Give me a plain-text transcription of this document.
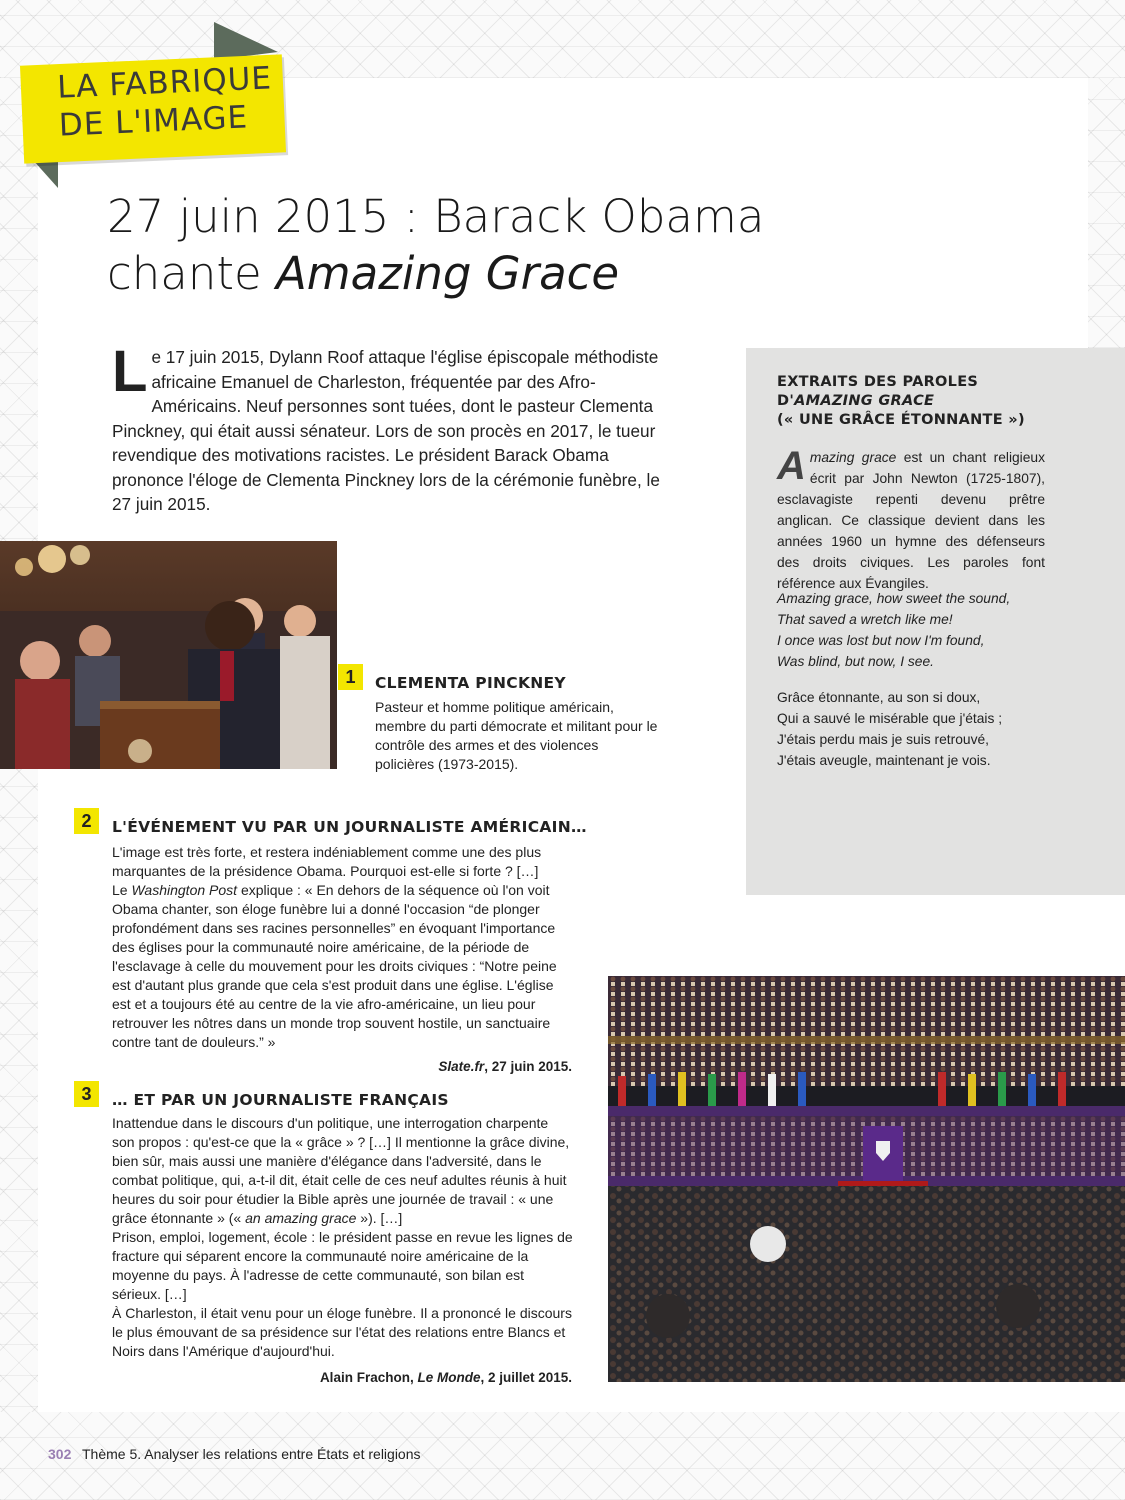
LA FABRIQUE
DE L'IMAGE
27 juin 2015 : Barack Obama
chante Amazing Grace
Le 17 juin 2015, Dylann Roof attaque l'église épiscopale méthodiste africaine Emanuel de Charleston, fréquentée par des Afro-Américains. Neuf personnes sont tuées, dont le pasteur Clementa Pinckney, qui était aussi sénateur. Lors de son procès en 2017, le tueur revendique des motivations racistes. Le président Barack Obama prononce l'éloge de Clementa Pinckney lors de la cérémonie funèbre, le 27 juin 2015.
1	CLEMENTA PINCKNEY
Pasteur et homme politique américain, membre du parti démocrate et militant pour le contrôle des armes et des violences policières (1973-2015).
2	L'ÉVÉNEMENT VU PAR UN JOURNALISTE AMÉRICAIN…
L'image est très forte, et restera indéniablement comme une des plus marquantes de la présidence Obama. Pourquoi est-elle si forte ? […]
Le Washington Post explique : « En dehors de la séquence où l'on voit Obama chanter, son éloge funèbre lui a donné l'occasion “de plonger profondément dans ses racines personnelles” en évoquant l'importance des églises pour la communauté noire américaine, de la période de l'esclavage à celle du mouvement pour les droits civiques : “Notre peine est d'autant plus grande que cela s'est produit dans une église. L'église est et a toujours été au centre de la vie afro-américaine, un lieu pour retrouver les nôtres dans un monde trop souvent hostile, un sanctuaire contre tant de douleurs.” »
Slate.fr, 27 juin 2015.
3	… ET PAR UN JOURNALISTE FRANÇAIS
Inattendue dans le discours d'un politique, une interrogation charpente son propos : qu'est-ce que la « grâce » ? […] Il mentionne la grâce divine, bien sûr, mais aussi une manière d'élégance dans l'adversité, dans le combat politique, qui, a-t-il dit, était celle de ces neuf adultes réunis à huit heures du soir pour étudier la Bible après une journée de travail : « une grâce étonnante » (« an amazing grace »). […]
Prison, emploi, logement, école : le président passe en revue les lignes de fracture qui séparent encore la communauté noire américaine de la moyenne du pays. À l'adresse de cette communauté, son bilan est sérieux. […]
À Charleston, il était venu pour un éloge funèbre. Il a prononcé le discours le plus émouvant de sa présidence sur l'état des relations entre Blancs et Noirs dans l'Amérique d'aujourd'hui.
Alain Frachon, Le Monde, 2 juillet 2015.
EXTRAITS DES PAROLES
D'AMAZING GRACE
(« UNE GRÂCE ÉTONNANTE »)
Amazing grace est un chant religieux écrit par John Newton (1725-1807), esclavagiste repenti devenu prêtre anglican. Ce classique devient dans les années 1960 un hymne des défenseurs des droits civiques. Les paroles font référence aux Évangiles.
Amazing grace, how sweet the sound,
That saved a wretch like me!
I once was lost but now I'm found,
Was blind, but now, I see.
Grâce étonnante, au son si doux,
Qui a sauvé le misérable que j'étais ;
J'étais perdu mais je suis retrouvé,
J'étais aveugle, maintenant je vois.
302 Thème 5. Analyser les relations entre États et religions
